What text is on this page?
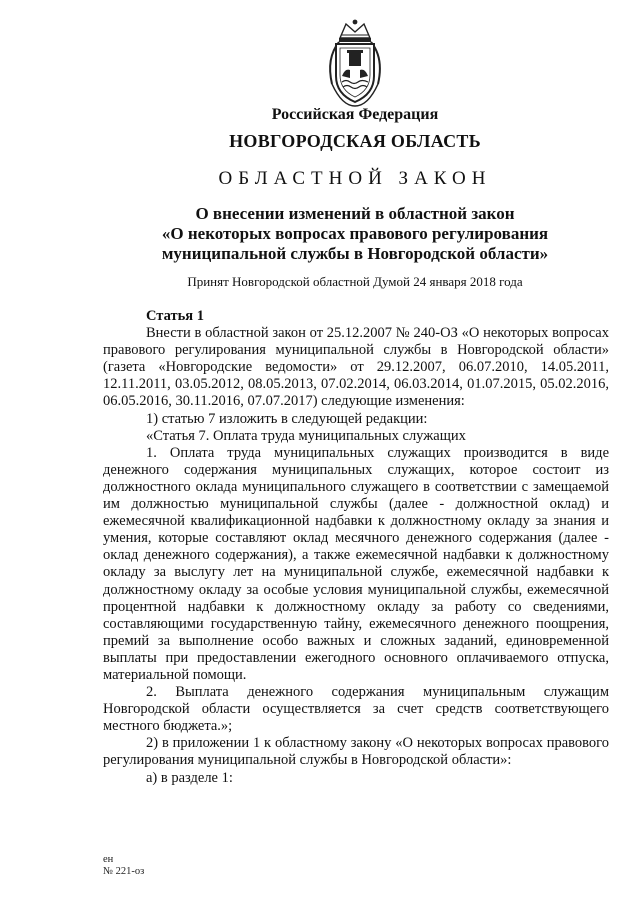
Российская Федерация
НОВГОРОДСКАЯ ОБЛАСТЬ
ОБЛАСТНОЙ ЗАКОН
О внесении изменений в областной закон
«О некоторых вопросах правового регулирования
муниципальной службы в Новгородской области»
Принят Новгородской областной Думой 24 января 2018 года

Статья 1

Внести в областной закон от 25.12.2007 № 240-ОЗ «О некоторых вопросах правового регулирования муниципальной службы в Новгородской области» (газета «Новгородские ведомости» от 29.12.2007, 06.07.2010, 14.05.2011, 12.11.2011, 03.05.2012, 08.05.2013, 07.02.2014, 06.03.2014, 01.07.2015, 05.02.2016, 06.05.2016, 30.11.2016, 07.07.2017) следующие изменения:

1) статью 7 изложить в следующей редакции:

«Статья 7. Оплата труда муниципальных служащих

1. Оплата труда муниципальных служащих производится в виде денежного содержания муниципальных служащих, которое состоит из должностного оклада муниципального служащего в соответствии с замещаемой им должностью муниципальной службы (далее - должностной оклад) и ежемесячной квалификационной надбавки к должностному окладу за знания и умения, которые составляют оклад месячного денежного содержания (далее - оклад денежного содержания), а также ежемесячной надбавки к должностному окладу за выслугу лет на муниципальной службе, ежемесячной надбавки к должностному окладу за особые условия муниципальной службы, ежемесячной процентной надбавки к должностному окладу за работу со сведениями, составляющими государственную тайну, ежемесячного денежного поощрения, премий за выполнение особо важных и сложных заданий, единовременной выплаты при предоставлении ежегодного основного оплачиваемого отпуска, материальной помощи.

2. Выплата денежного содержания муниципальным служащим Новгородской области осуществляется за счет средств соответствующего местного бюджета.»;

2) в приложении 1 к областному закону «О некоторых вопросах правового регулирования муниципальной службы в Новгородской области»:

а) в разделе 1:

ен
№ 221-оз
